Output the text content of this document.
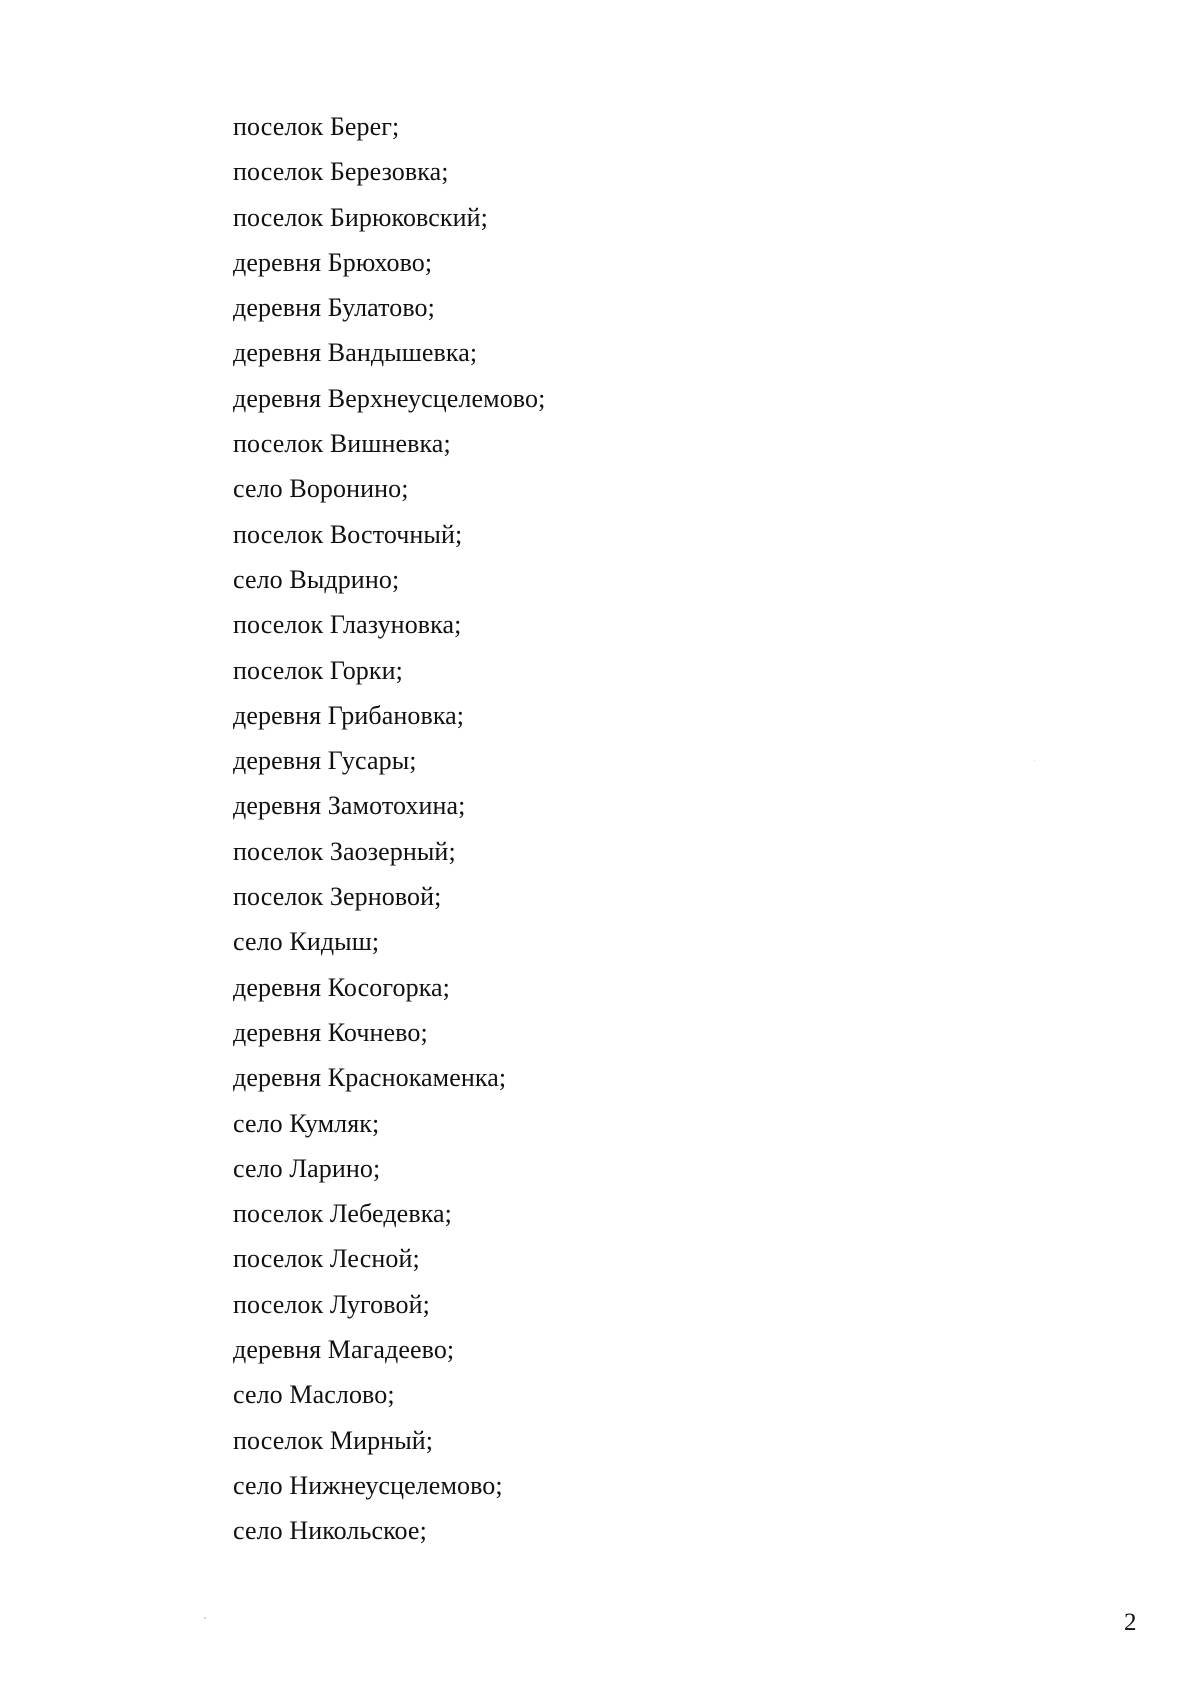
поселок Берег;
поселок Березовка;
поселок Бирюковский;
деревня Брюхово;
деревня Булатово;
деревня Вандышевка;
деревня Верхнеусцелемово;
поселок Вишневка;
село Воронино;
поселок Восточный;
село Выдрино;
поселок Глазуновка;
поселок Горки;
деревня Грибановка;
деревня Гусары;
деревня Замотохина;
поселок Заозерный;
поселок Зерновой;
село Кидыш;
деревня Косогорка;
деревня Кочнево;
деревня Краснокаменка;
село Кумляк;
село Ларино;
поселок Лебедевка;
поселок Лесной;
поселок Луговой;
деревня Магадеево;
село Маслово;
поселок Мирный;
село Нижнеусцелемово;
село Никольское;
2
